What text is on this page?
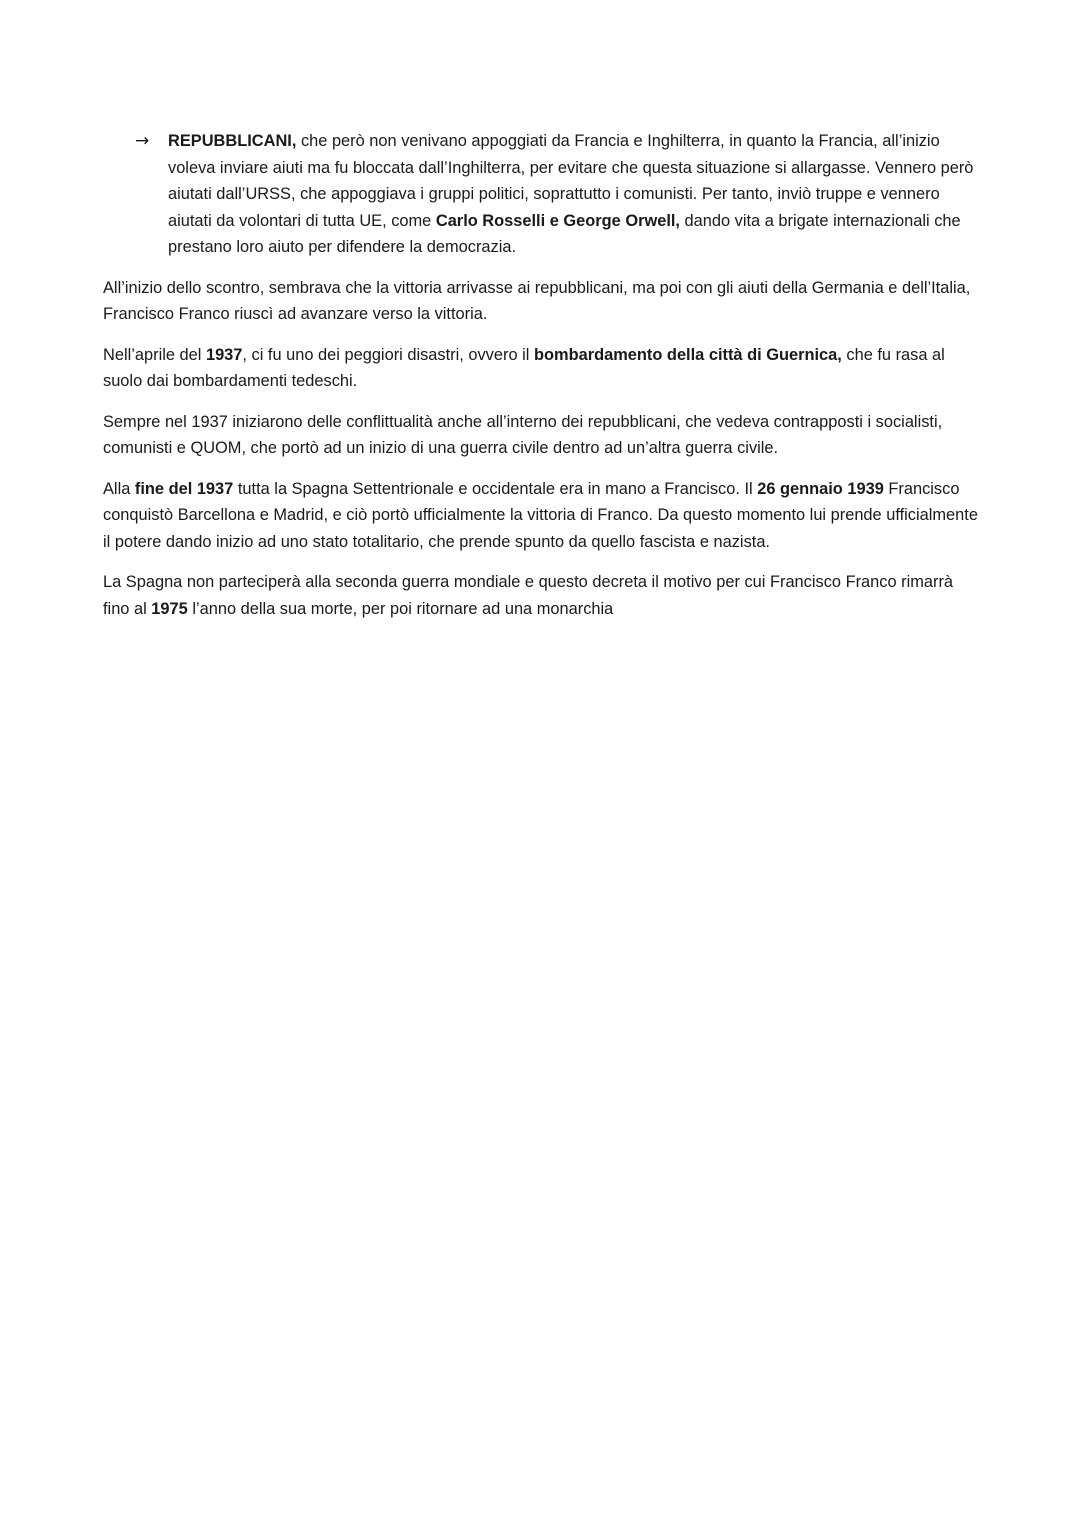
→ REPUBBLICANI, che però non venivano appoggiati da Francia e Inghilterra, in quanto la Francia, all’inizio voleva inviare aiuti ma fu bloccata dall’Inghilterra, per evitare che questa situazione si allargasse. Vennero però aiutati dall’URSS, che appoggiava i gruppi politici, soprattutto i comunisti. Per tanto, inviò truppe e vennero aiutati da volontari di tutta UE, come Carlo Rosselli e George Orwell, dando vita a brigate internazionali che prestano loro aiuto per difendere la democrazia.

All’inizio dello scontro, sembrava che la vittoria arrivasse ai repubblicani, ma poi con gli aiuti della Germania e dell’Italia, Francisco Franco riuscì ad avanzare verso la vittoria.

Nell’aprile del 1937, ci fu uno dei peggiori disastri, ovvero il bombardamento della città di Guernica, che fu rasa al suolo dai bombardamenti tedeschi.

Sempre nel 1937 iniziarono delle conflittualità anche all’interno dei repubblicani, che vedeva contrapposti i socialisti, comunisti e QUOM, che portò ad un inizio di una guerra civile dentro ad un’altra guerra civile.

Alla fine del 1937 tutta la Spagna Settentrionale e occidentale era in mano a Francisco. Il 26 gennaio 1939 Francisco conquistò Barcellona e Madrid, e ciò portò ufficialmente la vittoria di Franco. Da questo momento lui prende ufficialmente il potere dando inizio ad uno stato totalitario, che prende spunto da quello fascista e nazista.

La Spagna non parteciperà alla seconda guerra mondiale e questo decreta il motivo per cui Francisco Franco rimarrà fino al 1975 l’anno della sua morte, per poi ritornare ad una monarchia
